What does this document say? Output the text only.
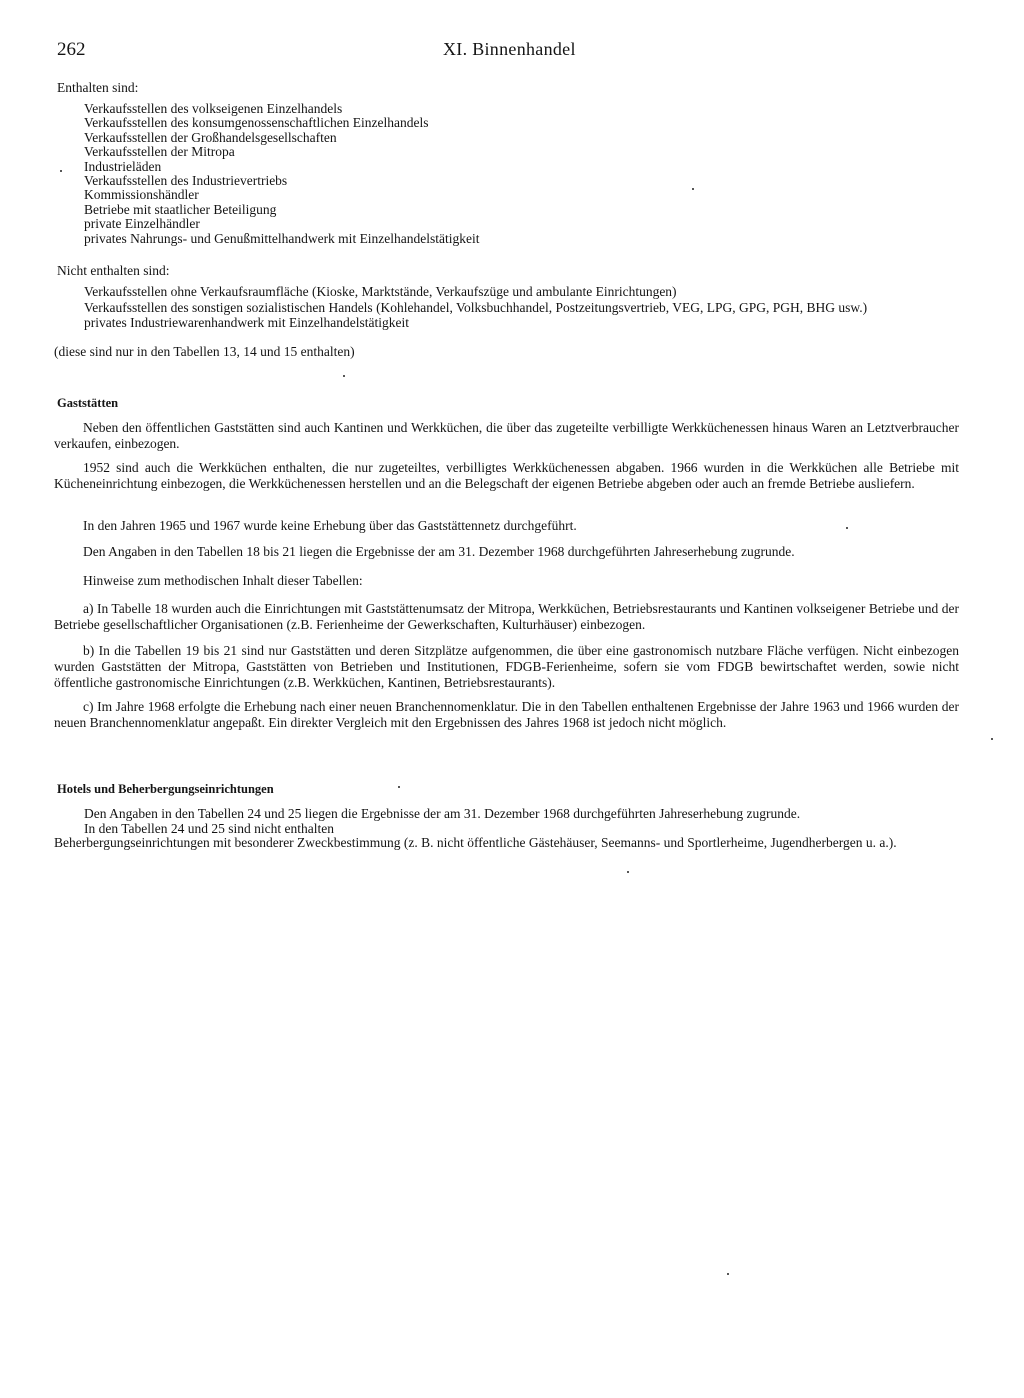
262	XI. Binnenhandel
Enthalten sind:
Verkaufsstellen des volkseigenen Einzelhandels
Verkaufsstellen des konsumgenossenschaftlichen Einzelhandels
Verkaufsstellen der Großhandelsgesellschaften
Verkaufsstellen der Mitropa
Industrieläden
Verkaufsstellen des Industrievertriebs
Kommissionshändler
Betriebe mit staatlicher Beteiligung
private Einzelhändler
privates Nahrungs- und Genußmittelhandwerk mit Einzelhandelstätigkeit
Nicht enthalten sind:
Verkaufsstellen ohne Verkaufsraumfläche (Kioske, Marktstände, Verkaufszüge und ambulante Einrichtungen)
Verkaufsstellen des sonstigen sozialistischen Handels (Kohlehandel, Volksbuchhandel, Postzeitungsvertrieb, VEG, LPG, GPG, PGH, BHG usw.)
privates Industriewarenhandwerk mit Einzelhandelstätigkeit
(diese sind nur in den Tabellen 13, 14 und 15 enthalten)
Gaststätten

Neben den öffentlichen Gaststätten sind auch Kantinen und Werkküchen, die über das zugeteilte verbilligte Werkküchenessen hinaus Waren an Letztverbraucher verkaufen, einbezogen.

1952 sind auch die Werkküchen enthalten, die nur zugeteiltes, verbilligtes Werkküchenessen abgaben. 1966 wurden in die Werkküchen alle Betriebe mit Kücheneinrichtung einbezogen, die Werkküchenessen herstellen und an die Belegschaft der eigenen Betriebe abgeben oder auch an fremde Betriebe ausliefern.

In den Jahren 1965 und 1967 wurde keine Erhebung über das Gaststättennetz durchgeführt.

Den Angaben in den Tabellen 18 bis 21 liegen die Ergebnisse der am 31. Dezember 1968 durchgeführten Jahreserhebung zugrunde.

Hinweise zum methodischen Inhalt dieser Tabellen:

a) In Tabelle 18 wurden auch die Einrichtungen mit Gaststättenumsatz der Mitropa, Werkküchen, Betriebsrestaurants und Kantinen volkseigener Betriebe und der Betriebe gesellschaftlicher Organisationen (z.B. Ferienheime der Gewerkschaften, Kulturhäuser) einbezogen.

b) In die Tabellen 19 bis 21 sind nur Gaststätten und deren Sitzplätze aufgenommen, die über eine gastronomisch nutzbare Fläche verfügen. Nicht einbezogen wurden Gaststätten der Mitropa, Gaststätten von Betrieben und Institutionen, FDGB-Ferienheime, sofern sie vom FDGB bewirtschaftet werden, sowie nicht öffentliche gastronomische Einrichtungen (z.B. Werkküchen, Kantinen, Betriebsrestaurants).

c) Im Jahre 1968 erfolgte die Erhebung nach einer neuen Branchennomenklatur. Die in den Tabellen enthaltenen Ergebnisse der Jahre 1963 und 1966 wurden der neuen Branchennomenklatur angepaßt. Ein direkter Vergleich mit den Ergebnissen des Jahres 1968 ist jedoch nicht möglich.

Hotels und Beherbergungseinrichtungen
Den Angaben in den Tabellen 24 und 25 liegen die Ergebnisse der am 31. Dezember 1968 durchgeführten Jahreserhebung zugrunde.
In den Tabellen 24 und 25 sind nicht enthalten

Beherbergungseinrichtungen mit besonderer Zweckbestimmung (z. B. nicht öffentliche Gästehäuser, Seemanns- und Sportlerheime, Jugendherbergen u. a.).
